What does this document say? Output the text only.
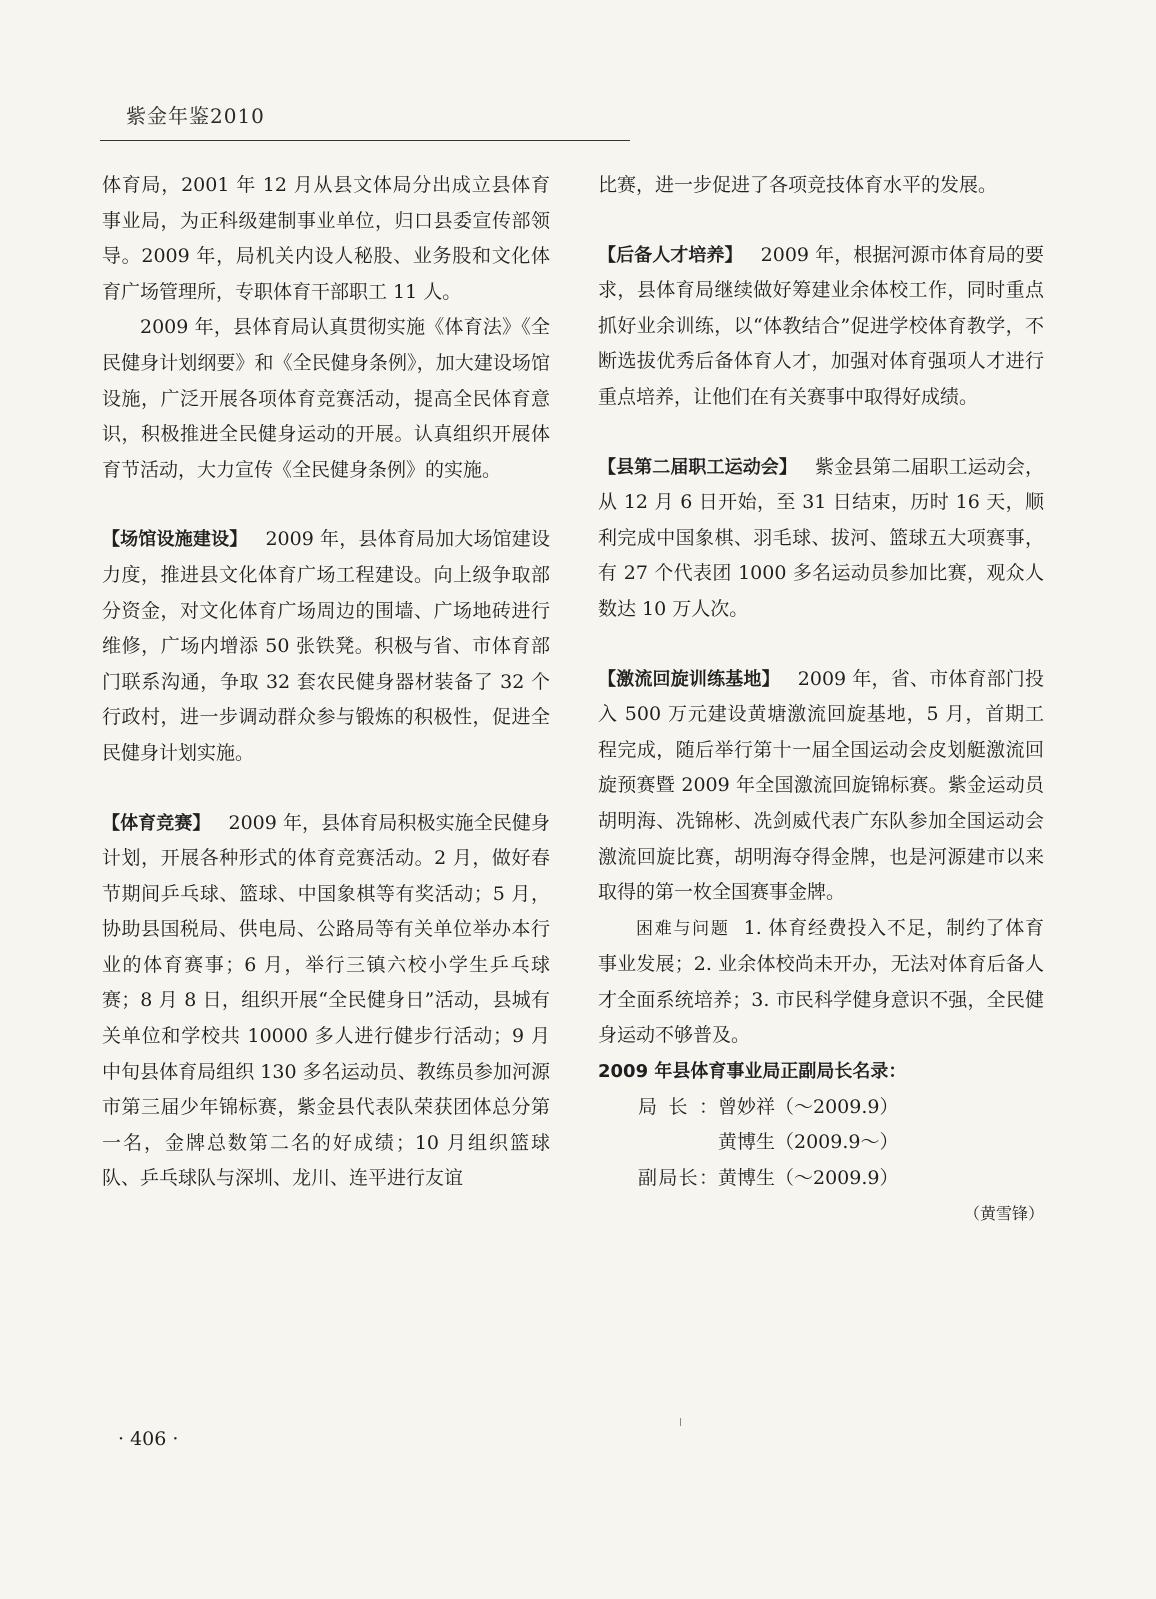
紫金年鉴2010

体育局，2001 年 12 月从县文体局分出成立县体育事业局，为正科级建制事业单位，归口县委宣传部领导。2009 年，局机关内设人秘股、业务股和文化体育广场管理所，专职体育干部职工 11 人。

2009 年，县体育局认真贯彻实施《体育法》《全民健身计划纲要》和《全民健身条例》，加大建设场馆设施，广泛开展各项体育竞赛活动，提高全民体育意识，积极推进全民健身运动的开展。认真组织开展体育节活动，大力宣传《全民健身条例》的实施。

【场馆设施建设】 2009 年，县体育局加大场馆建设力度，推进县文化体育广场工程建设。向上级争取部分资金，对文化体育广场周边的围墙、广场地砖进行维修，广场内增添 50 张铁凳。积极与省、市体育部门联系沟通，争取 32 套农民健身器材装备了 32 个行政村，进一步调动群众参与锻炼的积极性，促进全民健身计划实施。

【体育竞赛】 2009 年，县体育局积极实施全民健身计划，开展各种形式的体育竞赛活动。2 月，做好春节期间乒乓球、篮球、中国象棋等有奖活动；5 月，协助县国税局、供电局、公路局等有关单位举办本行业的体育赛事；6 月，举行三镇六校小学生乒乓球赛；8 月 8 日，组织开展“全民健身日”活动，县城有关单位和学校共 10000 多人进行健步行活动；9 月中旬县体育局组织 130 多名运动员、教练员参加河源市第三届少年锦标赛，紫金县代表队荣获团体总分第一名，金牌总数第二名的好成绩；10 月组织篮球队、乒乓球队与深圳、龙川、连平进行友谊

比赛，进一步促进了各项竞技体育水平的发展。

【后备人才培养】 2009 年，根据河源市体育局的要求，县体育局继续做好筹建业余体校工作，同时重点抓好业余训练，以“体教结合”促进学校体育教学，不断选拔优秀后备体育人才，加强对体育强项人才进行重点培养，让他们在有关赛事中取得好成绩。

【县第二届职工运动会】 紫金县第二届职工运动会，从 12 月 6 日开始，至 31 日结束，历时 16 天，顺利完成中国象棋、羽毛球、拔河、篮球五大项赛事，有 27 个代表团 1000 多名运动员参加比赛，观众人数达 10 万人次。

【激流回旋训练基地】 2009 年，省、市体育部门投入 500 万元建设黄塘激流回旋基地，5 月，首期工程完成，随后举行第十一届全国运动会皮划艇激流回旋预赛暨 2009 年全国激流回旋锦标赛。紫金运动员胡明海、冼锦彬、冼剑威代表广东队参加全国运动会激流回旋比赛，胡明海夺得金牌，也是河源建市以来取得的第一枚全国赛事金牌。

困难与问题 1. 体育经费投入不足，制约了体育事业发展；2. 业余体校尚未开办，无法对体育后备人才全面系统培养；3. 市民科学健身意识不强，全民健身运动不够普及。

2009 年县体育事业局正副局长名录：

局长：曾妙祥（～2009.9）

黄博生（2009.9～）

副局长：黄博生（～2009.9）

（黄雪锋）

· 406 ·
